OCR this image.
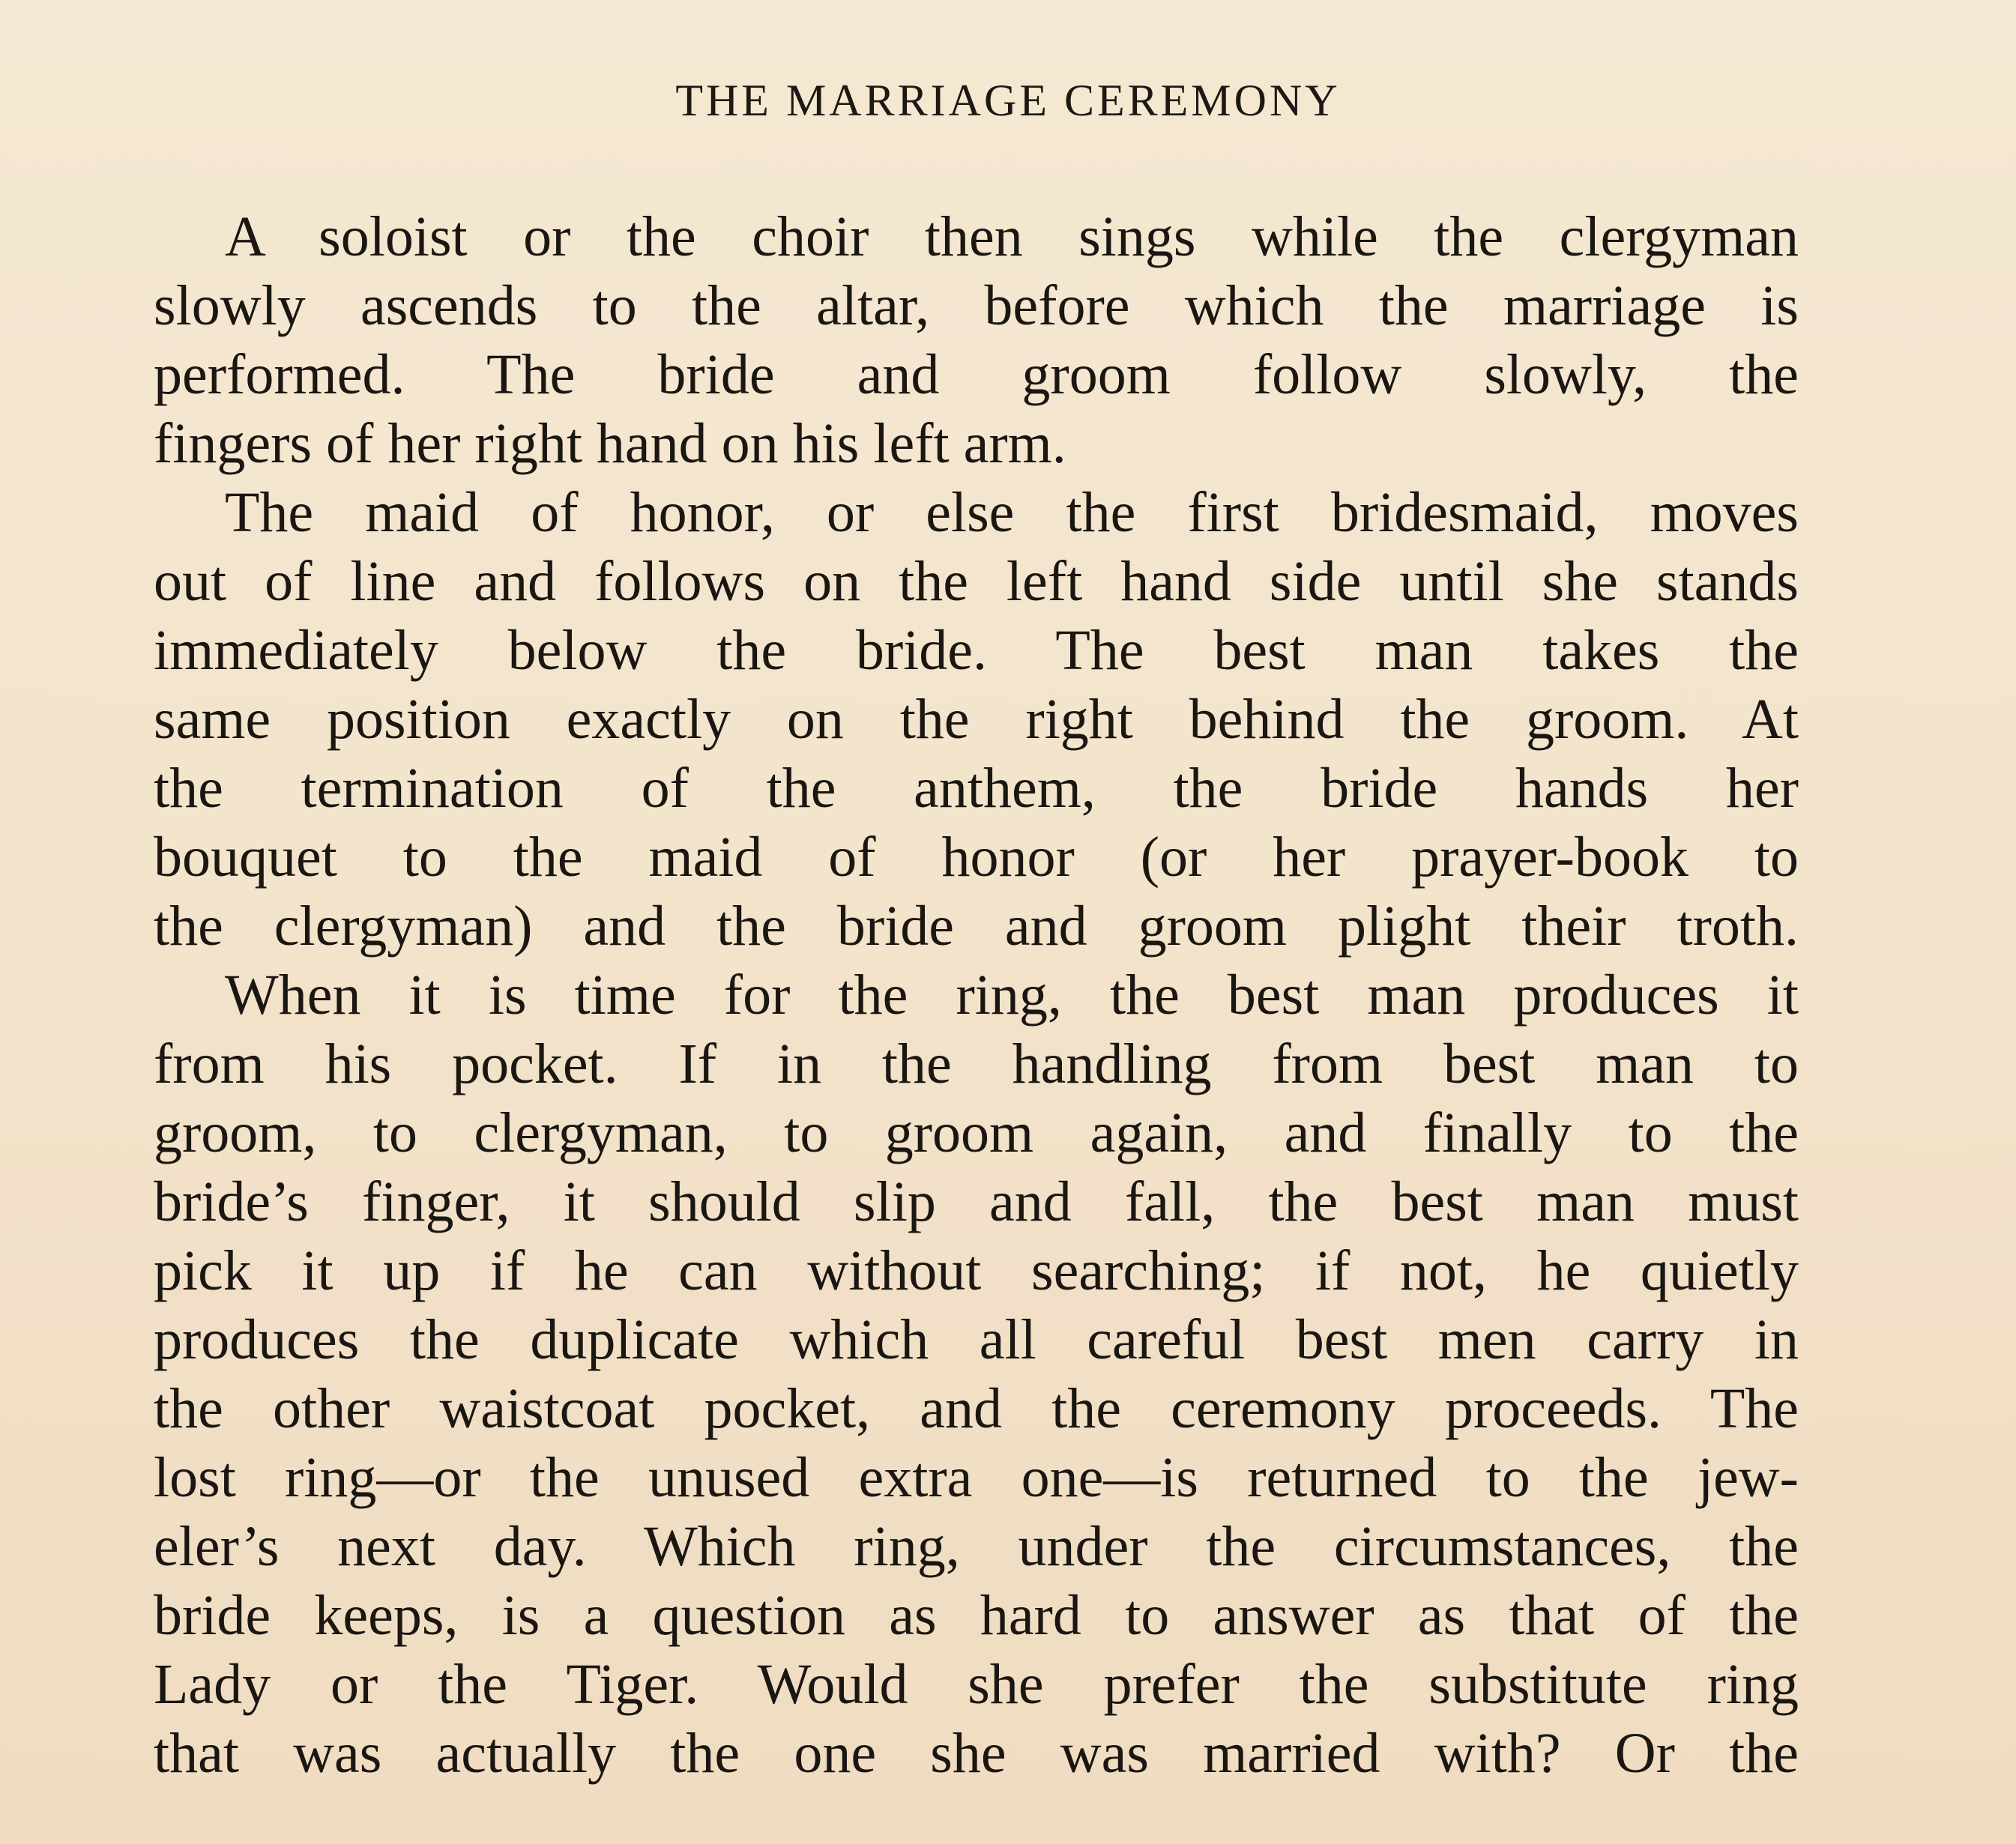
THE MARRIAGE CEREMONY
A soloist or the choir then sings while the clergyman
slowly ascends to the altar, before which the marriage is
performed. The bride and groom follow slowly, the
fingers of her right hand on his left arm.
The maid of honor, or else the first bridesmaid, moves
out of line and follows on the left hand side until she stands
immediately below the bride. The best man takes the
same position exactly on the right behind the groom. At
the termination of the anthem, the bride hands her
bouquet to the maid of honor (or her prayer-book to
the clergyman) and the bride and groom plight their troth.
When it is time for the ring, the best man produces it
from his pocket. If in the handling from best man to
groom, to clergyman, to groom again, and finally to the
bride’s finger, it should slip and fall, the best man must
pick it up if he can without searching; if not, he quietly
produces the duplicate which all careful best men carry in
the other waistcoat pocket, and the ceremony proceeds. The
lost ring—or the unused extra one—is returned to the jew-
eler’s next day. Which ring, under the circumstances, the
bride keeps, is a question as hard to answer as that of the
Lady or the Tiger. Would she prefer the substitute ring
that was actually the one she was married with? Or the
